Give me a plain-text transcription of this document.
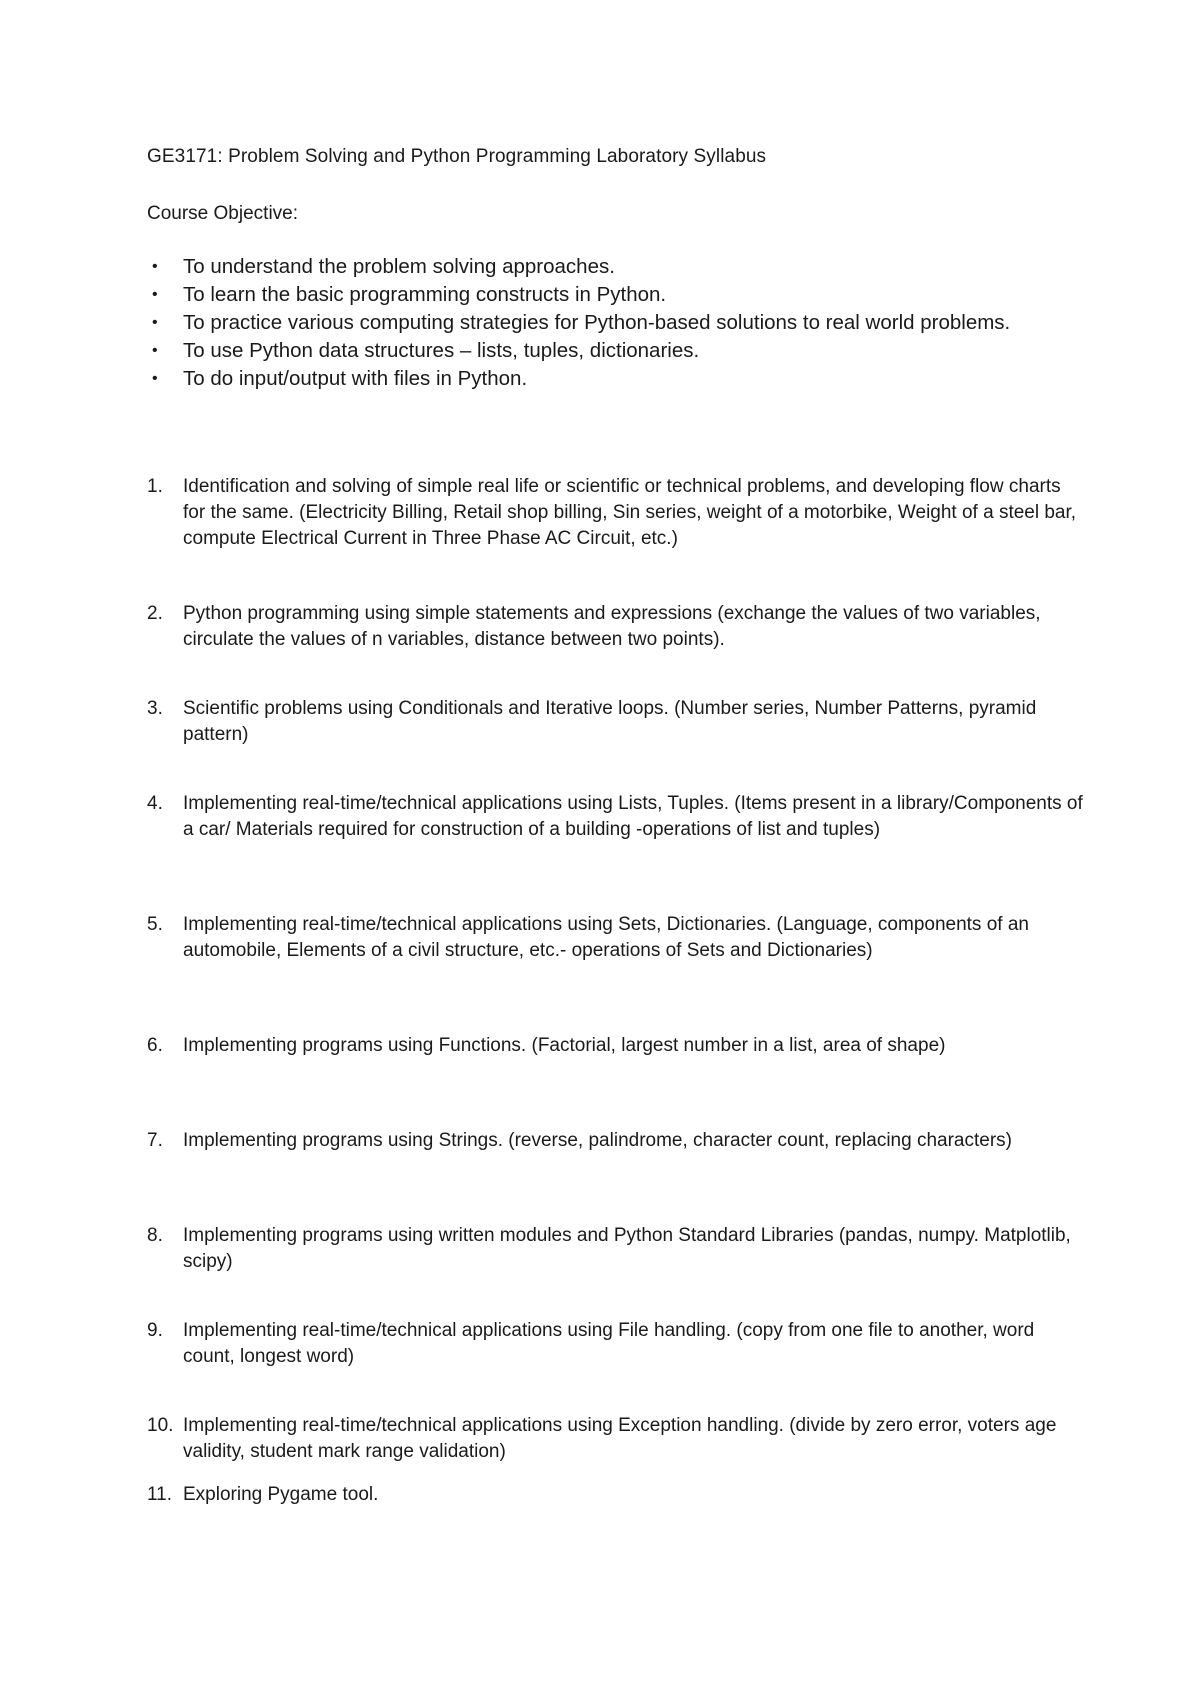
GE3171: Problem Solving and Python Programming Laboratory Syllabus
Course Objective:
• To understand the problem solving approaches.
• To learn the basic programming constructs in Python.
• To practice various computing strategies for Python-based solutions to real world problems.
• To use Python data structures – lists, tuples, dictionaries.
• To do input/output with files in Python.
1. Identification and solving of simple real life or scientific or technical problems, and developing flow charts for the same. (Electricity Billing, Retail shop billing, Sin series, weight of a motorbike, Weight of a steel bar, compute Electrical Current in Three Phase AC Circuit, etc.)
2. Python programming using simple statements and expressions (exchange the values of two variables, circulate the values of n variables, distance between two points).
3. Scientific problems using Conditionals and Iterative loops. (Number series, Number Patterns, pyramid pattern)
4. Implementing real-time/technical applications using Lists, Tuples. (Items present in a library/Components of a car/ Materials required for construction of a building -operations of list and tuples)
5. Implementing real-time/technical applications using Sets, Dictionaries. (Language, components of an automobile, Elements of a civil structure, etc.- operations of Sets and Dictionaries)
6. Implementing programs using Functions. (Factorial, largest number in a list, area of shape)
7. Implementing programs using Strings. (reverse, palindrome, character count, replacing characters)
8. Implementing programs using written modules and Python Standard Libraries (pandas, numpy. Matplotlib, scipy)
9. Implementing real-time/technical applications using File handling. (copy from one file to another, word count, longest word)
10. Implementing real-time/technical applications using Exception handling. (divide by zero error, voters age validity, student mark range validation)
11. Exploring Pygame tool.
